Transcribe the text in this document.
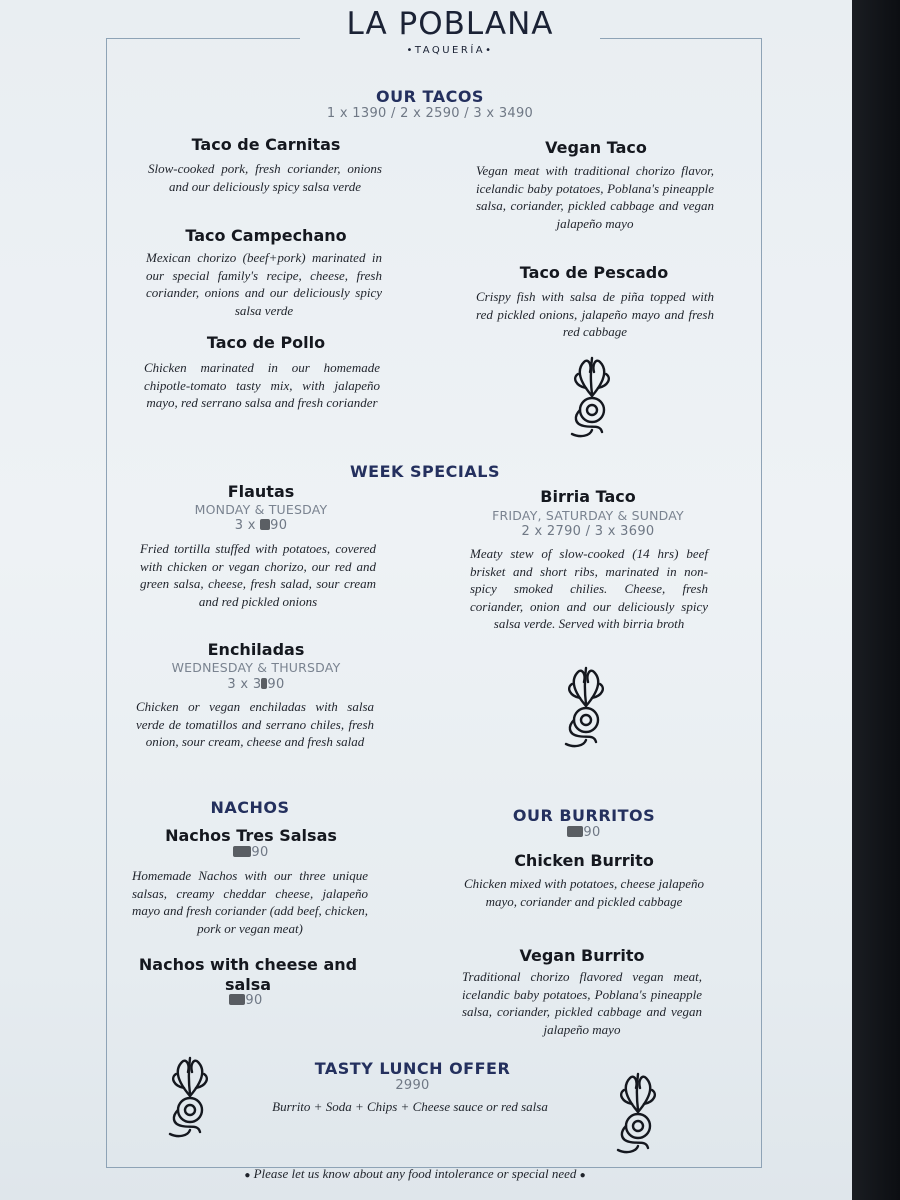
LA POBLANA
•TAQUERÍA•
OUR TACOS
1 x 1390 / 2 x 2590 / 3 x 3490
Taco de Carnitas
Slow-cooked pork, fresh coriander, onions and our deliciously spicy salsa verde
Taco Campechano
Mexican chorizo (beef+pork) marinated in our special family's recipe, cheese, fresh coriander, onions and our deliciously spicy salsa verde
Taco de Pollo
Chicken marinated in our homemade chipotle-tomato tasty mix, with jalapeño mayo, red serrano salsa and fresh coriander
Vegan Taco
Vegan meat with traditional chorizo flavor, icelandic baby potatoes, Poblana's pineapple salsa, coriander, pickled cabbage and vegan jalapeño mayo
Taco de Pescado
Crispy fish with salsa de piña topped with red pickled onions, jalapeño mayo and fresh red cabbage
WEEK SPECIALS
Flautas
MONDAY & TUESDAY
3 x 90
Fried tortilla stuffed with potatoes, covered with chicken or vegan chorizo, our red and green salsa, cheese, fresh salad, sour cream and red pickled onions
Enchiladas
WEDNESDAY & THURSDAY
3 x 3 90
Chicken or vegan enchiladas with salsa verde de tomatillos and serrano chiles, fresh onion, sour cream, cheese and fresh salad
Birria Taco
FRIDAY, SATURDAY & SUNDAY
2 x 2790 / 3 x 3690
Meaty stew of slow-cooked (14 hrs) beef brisket and short ribs, marinated in non-spicy smoked chilies. Cheese, fresh coriander, onion and our deliciously spicy salsa verde. Served with birria broth
NACHOS
Nachos Tres Salsas
90
Homemade Nachos with our three unique salsas, creamy cheddar cheese, jalapeño mayo and fresh coriander (add beef, chicken, pork or vegan meat)
Nachos with cheese and salsa
90
OUR BURRITOS
90
Chicken Burrito
Chicken mixed with potatoes, cheese jalapeño mayo, coriander and pickled cabbage
Vegan Burrito
Traditional chorizo flavored vegan meat, icelandic baby potatoes, Poblana's pineapple salsa, coriander, pickled cabbage and vegan jalapeño mayo
TASTY LUNCH OFFER
2990
Burrito + Soda + Chips + Cheese sauce or red salsa
● Please let us know about any food intolerance or special need ●
